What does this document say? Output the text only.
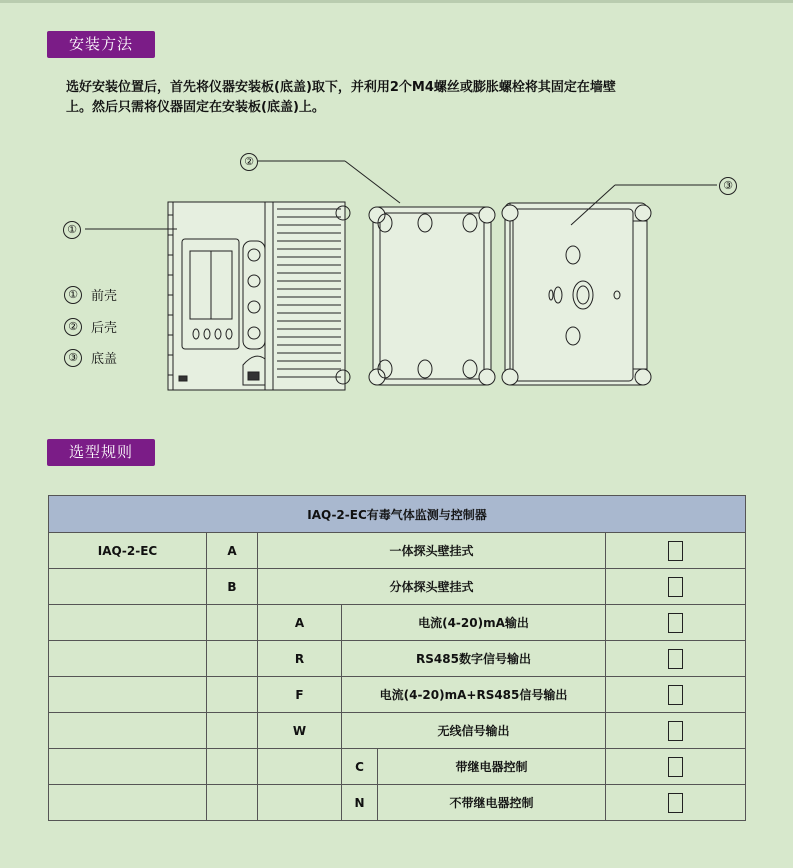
安装方法

选好安装位置后，首先将仪器安装板(底盖)取下，并利用2个M4螺丝或膨胀螺栓将其固定在墙壁

上。然后只需将仪器固定在安装板(底盖)上。

①
②
③
①	前壳
②	后壳
③	底盖
选型规则
IAQ-2-EC有毒气体监测与控制器					
IAQ-2-EC	A	一体探头壁挂式			
	B	分体探头壁挂式			
		A	电流(4-20)mA输出		
		R	RS485数字信号输出		
		F	电流(4-20)mA+RS485信号输出		
		W	无线信号输出		
			C	带继电器控制	
			N	不带继电器控制	
